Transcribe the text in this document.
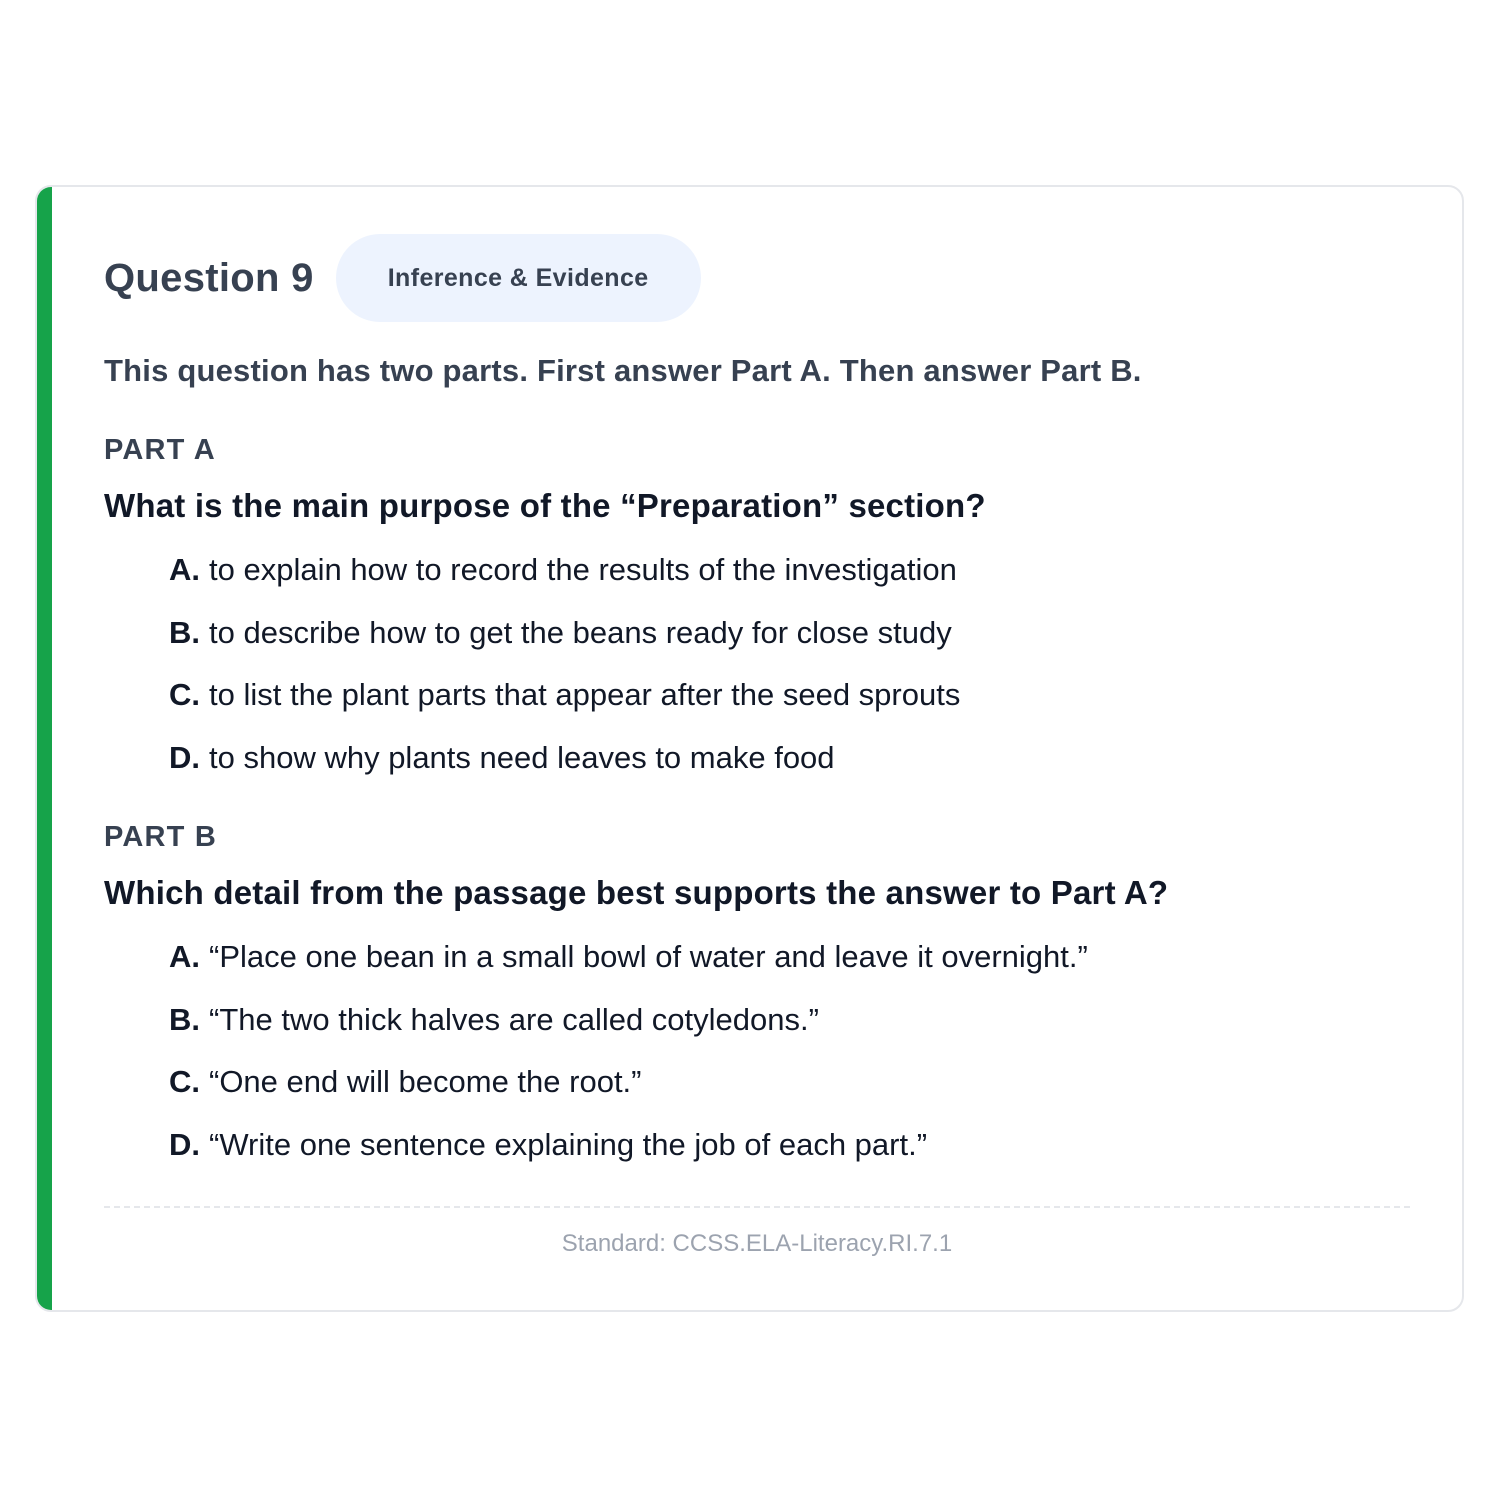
Question 9	Inference & Evidence
This question has two parts. First answer Part A. Then answer Part B.
PART A
What is the main purpose of the “Preparation” section?
A. to explain how to record the results of the investigation
B. to describe how to get the beans ready for close study
C. to list the plant parts that appear after the seed sprouts
D. to show why plants need leaves to make food
PART B
Which detail from the passage best supports the answer to Part A?
A. “Place one bean in a small bowl of water and leave it overnight.”
B. “The two thick halves are called cotyledons.”
C. “One end will become the root.”
D. “Write one sentence explaining the job of each part.”
Standard: CCSS.ELA-Literacy.RI.7.1
